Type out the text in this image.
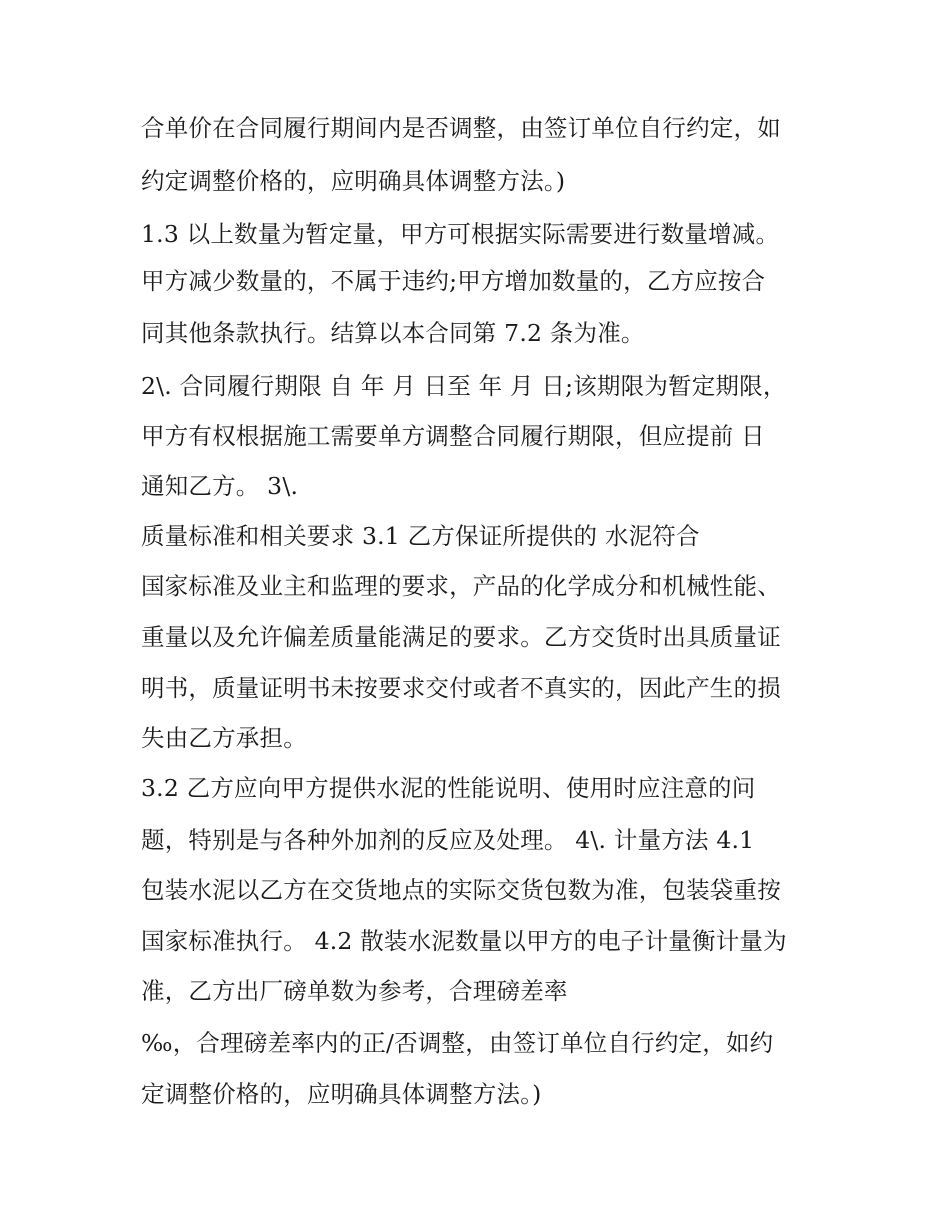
合单价在合同履行期间内是否调整，由签订单位自行约定，如
约定调整价格的，应明确具体调整方法。)
1.3 以上数量为暂定量，甲方可根据实际需要进行数量增减。
甲方减少数量的，不属于违约;甲方增加数量的，乙方应按合
同其他条款执行。结算以本合同第 7.2 条为准。
2\. 合同履行期限 自 年 月 日至 年 月 日;该期限为暂定期限，
甲方有权根据施工需要单方调整合同履行期限，但应提前 日
通知乙方。 3\.
质量标准和相关要求 3.1 乙方保证所提供的 水泥符合
国家标准及业主和监理的要求，产品的化学成分和机械性能、
重量以及允许偏差质量能满足的要求。乙方交货时出具质量证
明书，质量证明书未按要求交付或者不真实的，因此产生的损
失由乙方承担。
3.2 乙方应向甲方提供水泥的性能说明、使用时应注意的问
题，特别是与各种外加剂的反应及处理。 4\. 计量方法 4.1
包装水泥以乙方在交货地点的实际交货包数为准，包装袋重按
国家标准执行。 4.2 散装水泥数量以甲方的电子计量衡计量为
准，乙方出厂磅单数为参考，合理磅差率
‰，合理磅差率内的正/否调整，由签订单位自行约定，如约
定调整价格的，应明确具体调整方法。)
